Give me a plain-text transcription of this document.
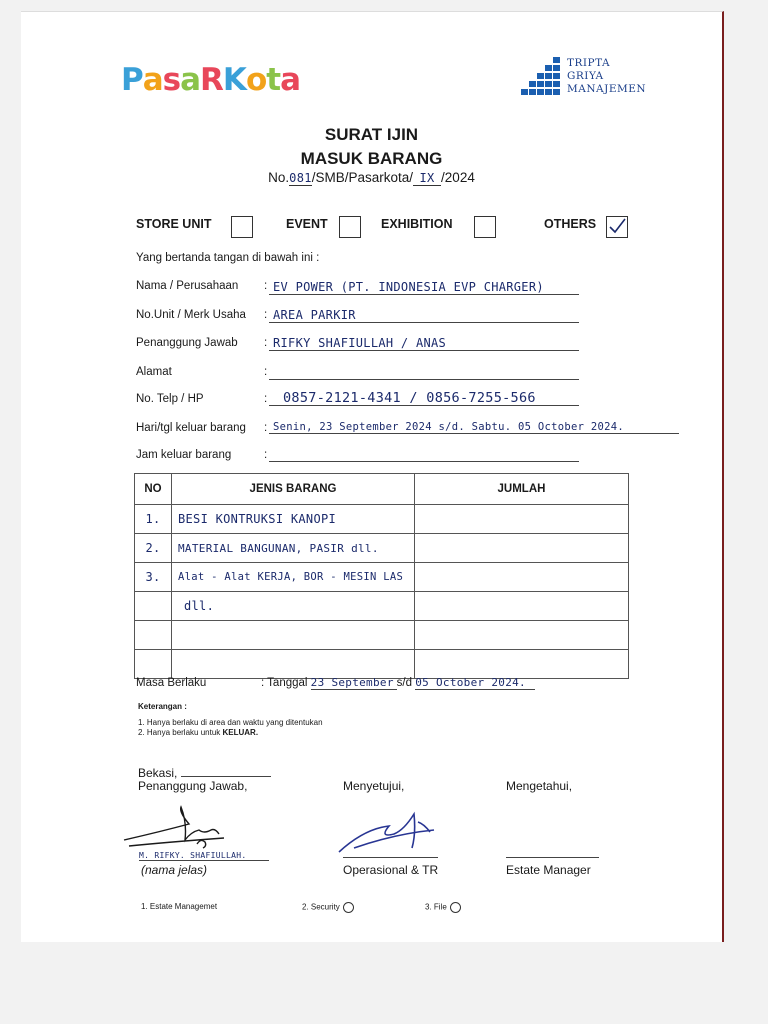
PasaRKota	TRIPTA
GRIYA
MANAJEMEN
SURAT IJIN
MASUK BARANG
No.081/SMB/Pasarkota/ IX /2024
STORE UNIT	EVENT	EXHIBITION	OTHERS
Yang bertanda tangan di bawah ini :
Nama / Perusahaan : EV POWER (PT. INDONESIA EVP CHARGER)
No.Unit / Merk Usaha : AREA PARKIR
Penanggung Jawab : RIFKY SHAFIULLAH / ANAS
Alamat	:
No. Telp / HP	:	0857-2121-4341 / 0856-7255-566
Hari/tgl keluar barang : Senin, 23 September 2024 s/d. Sabtu. 05 October 2024.
Jam keluar barang	:
NO	JENIS BARANG	JUMLAH
1.	BESI KONTRUKSI KANOPI	
2.	MATERIAL BANGUNAN, PASIR dll.	
3.	Alat - Alat KERJA, BOR - MESIN LAS	
	dll.	

Masa Berlaku	: Tanggal 23 September s/d 05 October 2024.
Keterangan :
1. Hanya berlaku di area dan waktu yang ditentukan
2. Hanya berlaku untuk KELUAR.
Bekasi,
Penanggung Jawab,	Menyetujui,	Mengetahui,
M. RIFKY. SHAFIULLAH.
(nama jelas)	Operasional & TR	Estate Manager
1. Estate Managemet	2. Security	3. File
